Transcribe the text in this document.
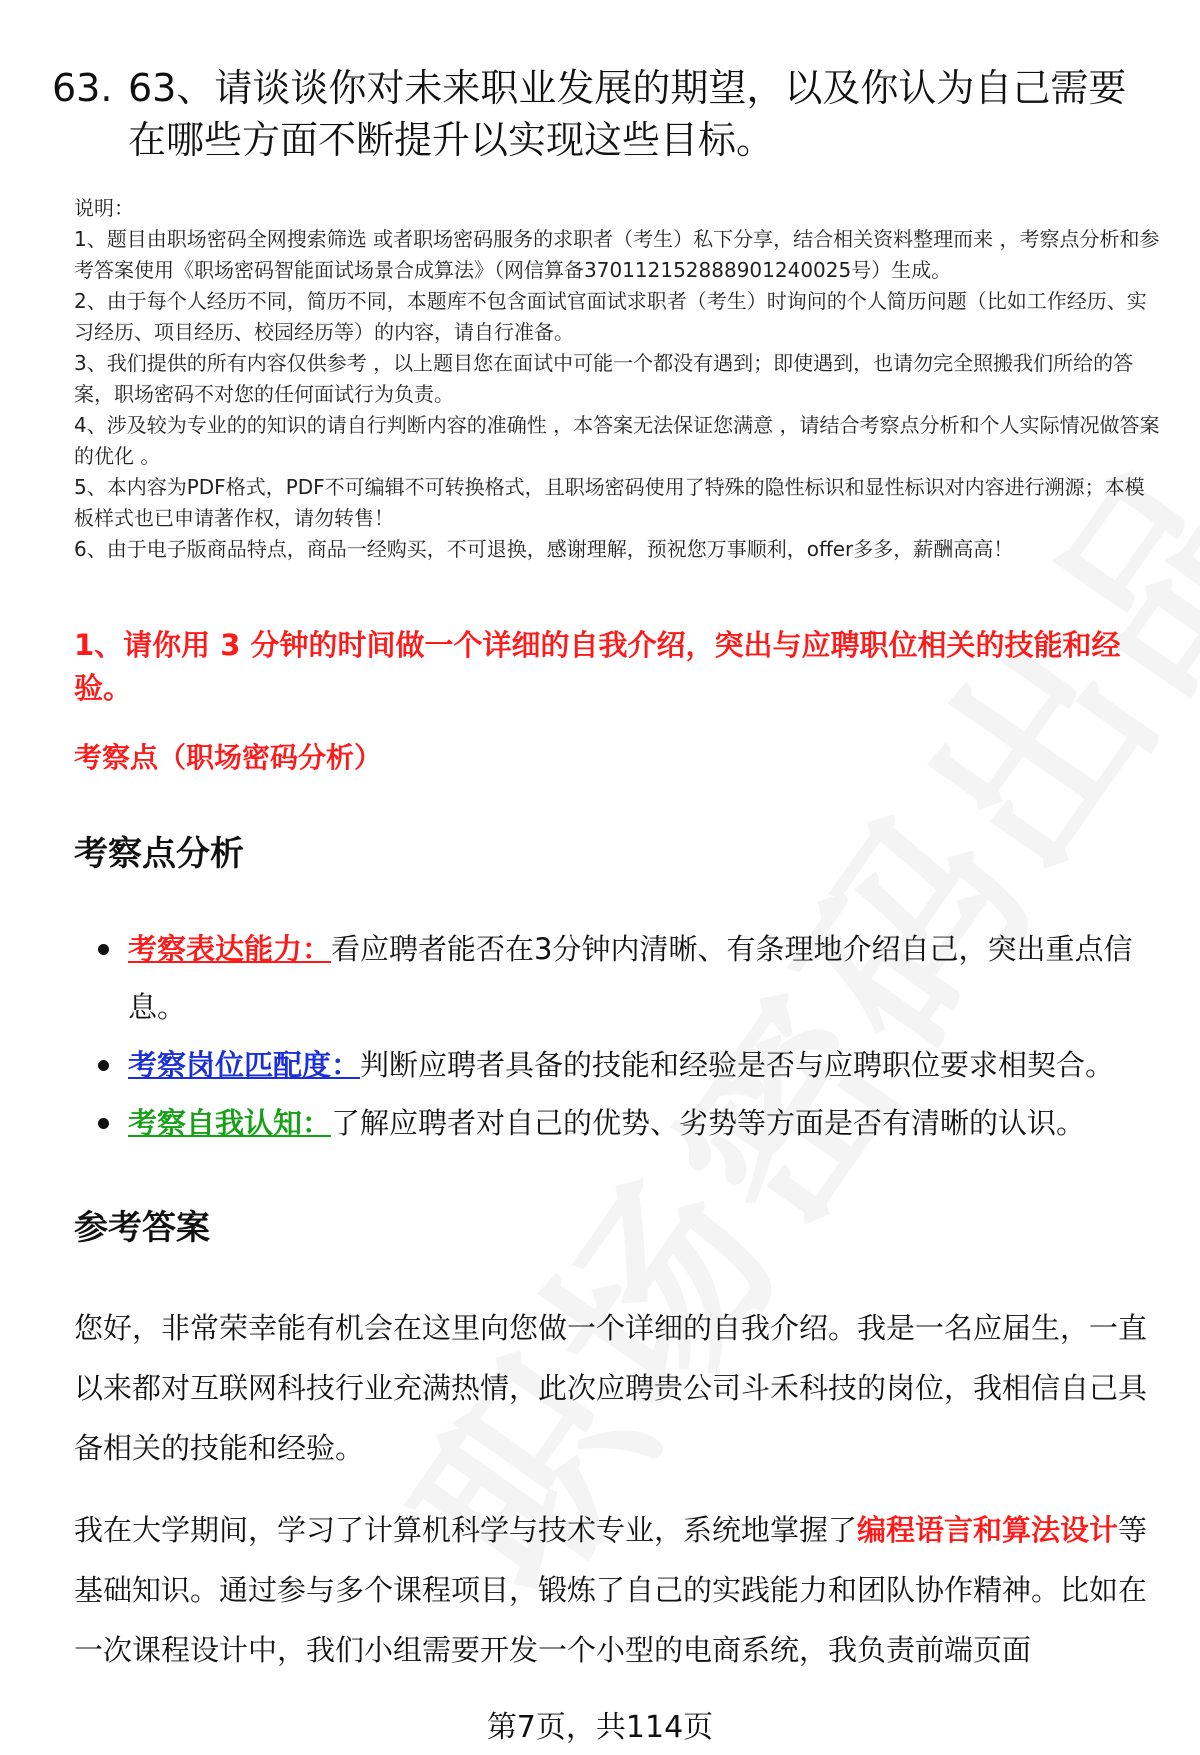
63. 63、请谈谈你对未来职业发展的期望，以及你认为自己需要在哪些方面不断提升以实现这些目标。
说明：
1、题目由职场密码全网搜索筛选 或者职场密码服务的求职者（考生）私下分享，结合相关资料整理而来 ，考察点分析和参考答案使用《职场密码智能面试场景合成算法》（网信算备370112152888901240025号）生成。
2、由于每个人经历不同，简历不同，本题库不包含面试官面试求职者（考生）时询问的个人简历问题（比如工作经历、实习经历、项目经历、校园经历等）的内容，请自行准备。
3、我们提供的所有内容仅供参考 ，以上题目您在面试中可能一个都没有遇到；即使遇到，也请勿完全照搬我们所给的答案，职场密码不对您的任何面试行为负责。
4、涉及较为专业的的知识的请自行判断内容的准确性 ，本答案无法保证您满意 ，请结合考察点分析和个人实际情况做答案的优化 。
5、本内容为PDF格式，PDF不可编辑不可转换格式，且职场密码使用了特殊的隐性标识和显性标识对内容进行溯源；本模板样式也已申请著作权，请勿转售！
6、由于电子版商品特点，商品一经购买，不可退换，感谢理解，预祝您万事顺利，offer多多，薪酬高高！
1、请你用 3 分钟的时间做一个详细的自我介绍，突出与应聘职位相关的技能和经验。
考察点（职场密码分析）
考察点分析
考察表达能力：看应聘者能否在3分钟内清晰、有条理地介绍自己，突出重点信息。
考察岗位匹配度：判断应聘者具备的技能和经验是否与应聘职位要求相契合。
考察自我认知：了解应聘者对自己的优势、劣势等方面是否有清晰的认识。
参考答案
您好，非常荣幸能有机会在这里向您做一个详细的自我介绍。我是一名应届生，一直以来都对互联网科技行业充满热情，此次应聘贵公司斗禾科技的岗位，我相信自己具备相关的技能和经验。
我在大学期间，学习了计算机科学与技术专业，系统地掌握了编程语言和算法设计等基础知识。通过参与多个课程项目，锻炼了自己的实践能力和团队协作精神。比如在一次课程设计中，我们小组需要开发一个小型的电商系统，我负责前端页面
第7页，共114页
